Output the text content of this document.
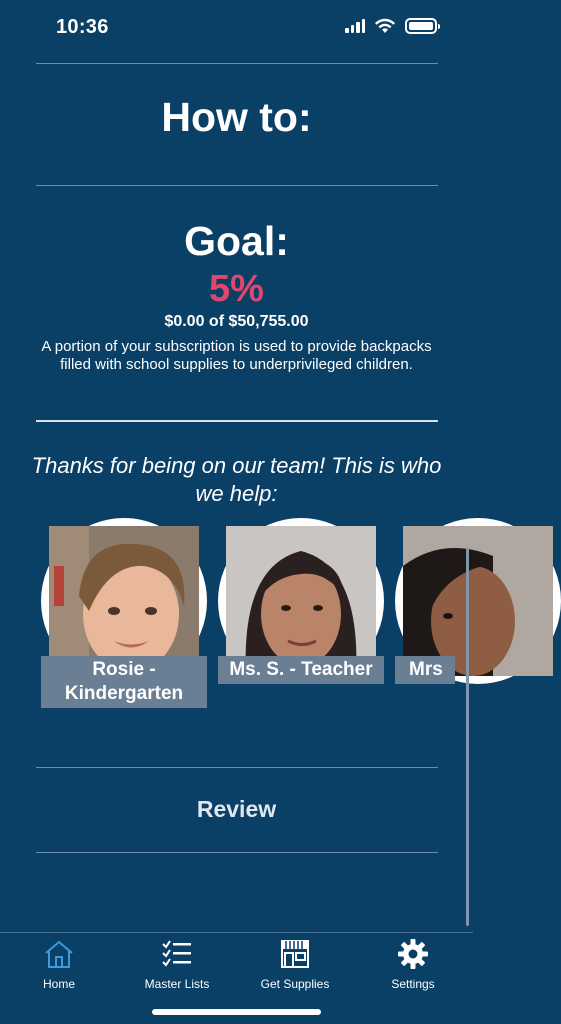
10:36
How to:
Goal:
5%
$0.00 of $50,755.00
A portion of your subscription is used to provide backpacks filled with school supplies to underprivileged children.
Thanks for being on our team! This is who we help:
Rosie - Kindergarten
Ms. S. - Teacher	Mrs
Review
Home	Master Lists	Get Supplies	Settings
